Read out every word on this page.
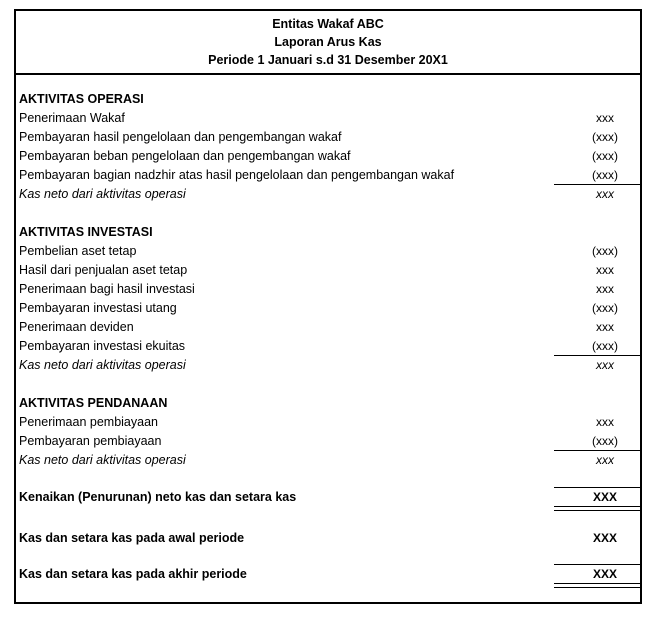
Entitas Wakaf ABC
Laporan Arus Kas
Periode 1 Januari s.d 31 Desember 20X1
AKTIVITAS OPERASI
Penerimaan Wakaf	xxx
Pembayaran hasil pengelolaan dan pengembangan wakaf	(xxx)
Pembayaran beban pengelolaan dan pengembangan wakaf	(xxx)
Pembayaran bagian nadzhir atas hasil pengelolaan dan pengembangan wakaf	(xxx)
Kas neto dari aktivitas operasi	xxx
AKTIVITAS INVESTASI
Pembelian aset tetap	(xxx)
Hasil dari penjualan aset tetap	xxx
Penerimaan bagi hasil investasi	xxx
Pembayaran investasi utang	(xxx)
Penerimaan deviden	xxx
Pembayaran investasi ekuitas	(xxx)
Kas neto dari aktivitas operasi	xxx
AKTIVITAS PENDANAAN
Penerimaan pembiayaan	xxx
Pembayaran pembiayaan	(xxx)
Kas neto dari aktivitas operasi	xxx
Kenaikan (Penurunan) neto kas dan setara kas	XXX
Kas dan setara kas pada awal periode	XXX
Kas dan setara kas pada akhir periode	XXX
